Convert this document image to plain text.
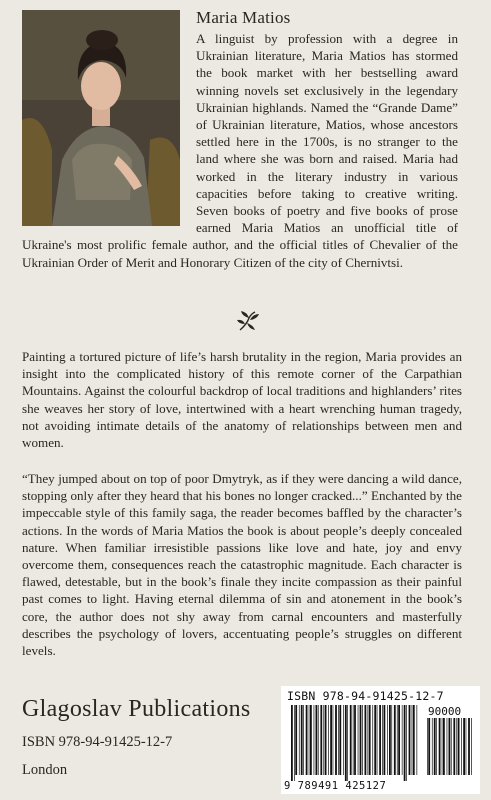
Maria Matios
A linguist by profession with a degree in Ukrainian literature, Maria Matios has stormed the book market with her bestselling award winning novels set exclusively in the legendary Ukrainian highlands. Named the “Grande Dame” of Ukrainian literature, Matios, whose ancestors settled here in the 1700s, is no stranger to the land where she was born and raised. Maria had worked in the literary industry in various capacities before taking to creative writing. Seven books of poetry and five books of prose earned Maria Matios an unofficial title of Ukraine's most prolific female author, and the official titles of Chevalier of the Ukrainian Order of Merit and Honorary Citizen of the city of Chernivtsi.
Painting a tortured picture of life’s harsh brutality in the region, Maria provides an insight into the complicated history of this remote corner of the Carpathian Mountains. Against the colourful backdrop of local traditions and highlanders’ rites she weaves her story of love, intertwined with a heart wrenching human tragedy, not avoiding intimate details of the anatomy of relationships between men and women.
“They jumped about on top of poor Dmytryk, as if they were dancing a wild dance, stopping only after they heard that his bones no longer cracked...” Enchanted by the impeccable style of this family saga, the reader becomes baffled by the character’s actions. In the words of Maria Matios the book is about people’s deeply concealed nature. When familiar irresistible passions like love and hate, joy and envy overcome them, consequences reach the catastrophic magnitude. Each character is flawed, detestable, but in the book’s finale they incite compassion as their painful past comes to light. Having eternal dilemma of sin and atonement in the book’s core, the author does not shy away from carnal encounters and masterfully describes the psychology of lovers, accentuating people’s struggles on different levels.
Glagoslav Publications
ISBN 978-94-91425-12-7
London
ISBN 978-94-91425-12-7
90000
9 789491 425127
